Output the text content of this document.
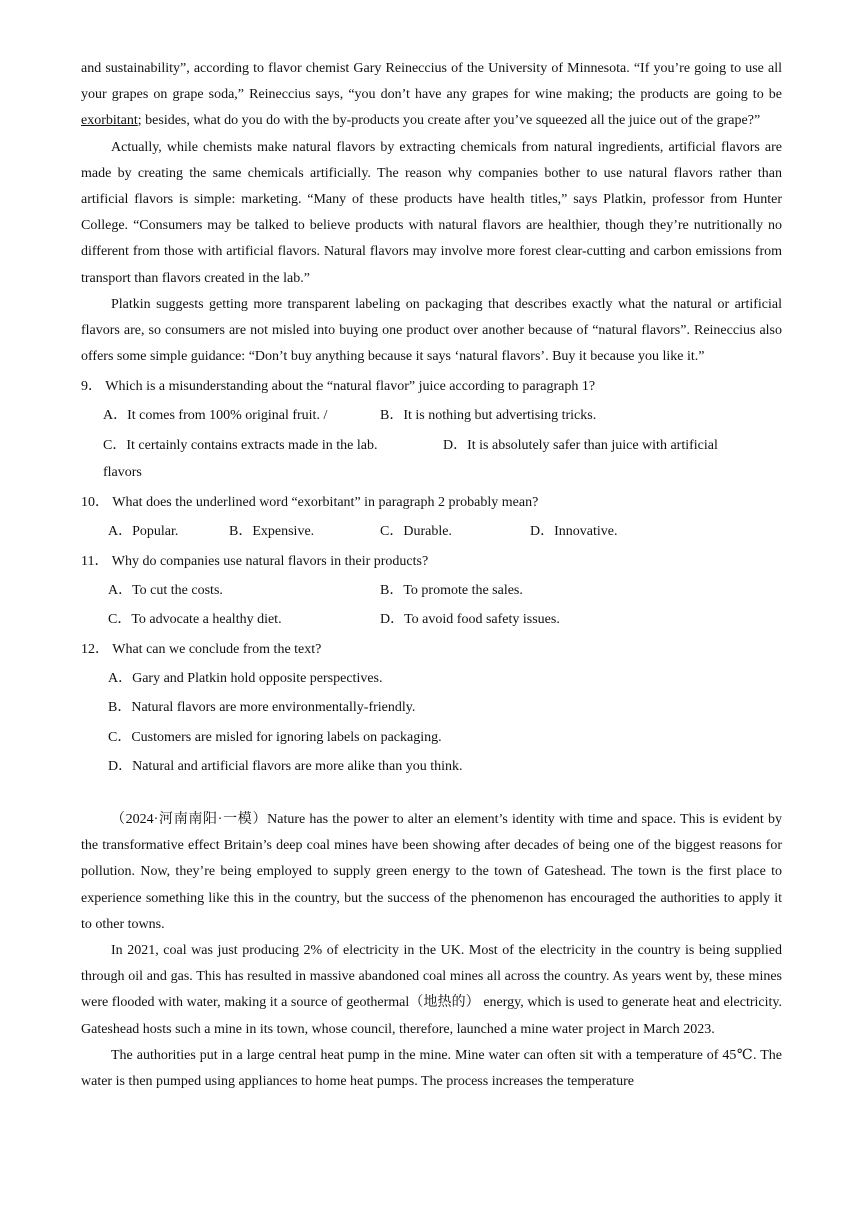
and sustainability”, according to flavor chemist Gary Reineccius of the University of Minnesota. “If you’re going to use all your grapes on grape soda,” Reineccius says, “you don’t have any grapes for wine making; the products are going to be exorbitant; besides, what do you do with the by-products you create after you’ve squeezed all the juice out of the grape?”

Actually, while chemists make natural flavors by extracting chemicals from natural ingredients, artificial flavors are made by creating the same chemicals artificially. The reason why companies bother to use natural flavors rather than artificial flavors is simple: marketing. “Many of these products have health titles,” says Platkin, professor from Hunter College. “Consumers may be talked to believe products with natural flavors are healthier, though they’re nutritionally no different from those with artificial flavors. Natural flavors may involve more forest clear-cutting and carbon emissions from transport than flavors created in the lab.”

Platkin suggests getting more transparent labeling on packaging that describes exactly what the natural or artificial flavors are, so consumers are not misled into buying one product over another because of “natural flavors”. Reineccius also offers some simple guidance: “Don’t buy anything because it says ‘natural flavors’. Buy it because you like it.”

9． Which is a misunderstanding about the “natural flavor” juice according to paragraph 1?

A．It comes from 100% original fruit. /	B．It is nothing but advertising tricks.
C．It certainly contains extracts made in the lab.	D．It is absolutely safer than juice with artificial
flavors

10． What does the underlined word “exorbitant” in paragraph 2 probably mean?

A．Popular.	B．Expensive.	C．Durable.	D．Innovative.

11． Why do companies use natural flavors in their products?

A．To cut the costs.	B．To promote the sales.
C．To advocate a healthy diet.	D．To avoid food safety issues.

12． What can we conclude from the text?

A．Gary and Platkin hold opposite perspectives.
B．Natural flavors are more environmentally-friendly.
C．Customers are misled for ignoring labels on packaging.
D．Natural and artificial flavors are more alike than you think.

（2024·河南南阳·一模）Nature has the power to alter an element’s identity with time and space. This is evident by the transformative effect Britain’s deep coal mines have been showing after decades of being one of the biggest reasons for pollution. Now, they’re being employed to supply green energy to the town of Gateshead. The town is the first place to experience something like this in the country, but the success of the phenomenon has encouraged the authorities to apply it to other towns.

In 2021, coal was just producing 2% of electricity in the UK. Most of the electricity in the country is being supplied through oil and gas. This has resulted in massive abandoned coal mines all across the country. As years went by, these mines were flooded with water, making it a source of geothermal（地热的） energy, which is used to generate heat and electricity. Gateshead hosts such a mine in its town, whose council, therefore, launched a mine water project in March 2023.

The authorities put in a large central heat pump in the mine. Mine water can often sit with a temperature of 45℃. The water is then pumped using appliances to home heat pumps. The process increases the temperature
